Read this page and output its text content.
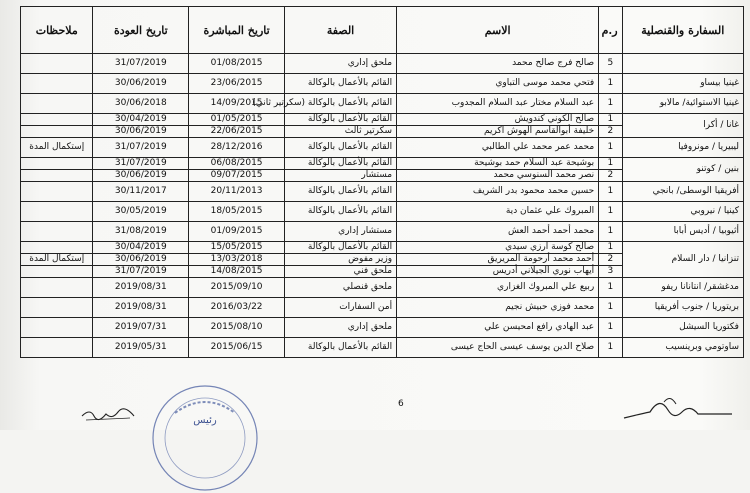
السفارة والقنصلية	ر.م	الاسم	الصفة	تاريخ المباشرة	تاريخ العودة	ملاحظات
	5	صالح فرج صالح محمد	ملحق إداري	01/08/2015	31/07/2019	
غينيا بيساو	1	فتحي محمد موسى التباوي	القائم بالأعمال بالوكالة	23/06/2015	30/06/2019	
غينيا الاستوائية/ مالابو	1	عبد السلام مختار عبد السلام المجدوب	القائم بالأعمال بالوكالة (سكرتير ثاني)	14/09/2015	30/06/2018	
غانا / أكرا	1	صالح الكوني كندويش	القائم بالأعمال بالوكالة	01/05/2015	30/04/2019	
	2	خليفة أبوالقاسم الهوش اكريم	سكرتير ثالث	22/06/2015	30/06/2019	
ليبيريا / مونروفيا	1	محمد عمر محمد علي الطالبي	القائم بالأعمال بالوكالة	28/12/2016	31/07/2019	إستكمال المدة
بنين / كوتنو	1	بوشيحة عبد السلام حمد بوشيحة	القائم بالأعمال بالوكالة	06/08/2015	31/07/2019	
	2	نصر محمد السنوسي محمد	مستشار	09/07/2015	30/06/2019	
أفريقيا الوسطى/ بانجي	1	حسين محمد محمود بدر الشريف	القائم بالأعمال بالوكالة	20/11/2013	30/11/2017	
كينيا / نيروبي	1	المبروك علي عثمان دية	القائم بالأعمال بالوكالة	18/05/2015	30/05/2019	
أثيوبيا / أديس أبابا	1	محمد أحمد أحمد العش	مستشار إداري	01/09/2015	31/08/2019	
تنزانيا / دار السلام	1	صالح كوسة ارزي سيدي	القائم بالأعمال بالوكالة	15/05/2015	30/04/2019	
	2	أحمد محمد أرحومة المريريق	وزير مفوض	13/03/2018	30/06/2019	إستكمال المدة
	3	أيهاب نوري الجيلاني أدريس	ملحق فني	14/08/2015	31/07/2019	
مدغشقر/ انتانانا ريفو	1	ربيع علي المبروك الغزاري	ملحق قنصلي	2015/09/10	2019/08/31	
بريتوريا / جنوب أفريقيا	1	محمد فوزي حبيش نجيم	أمن السفارات	2016/03/22	2019/08/31	
فكتوريا السيشل	1	عبد الهادي رافع امحيسن علي	ملحق إداري	2015/08/10	2019/07/31	
ساوتومي وبرينسيب	1	صلاح الدين يوسف عيسى الحاج عيسى	القائم بالأعمال بالوكالة	2015/06/15	2019/05/31	
6
رئيس
